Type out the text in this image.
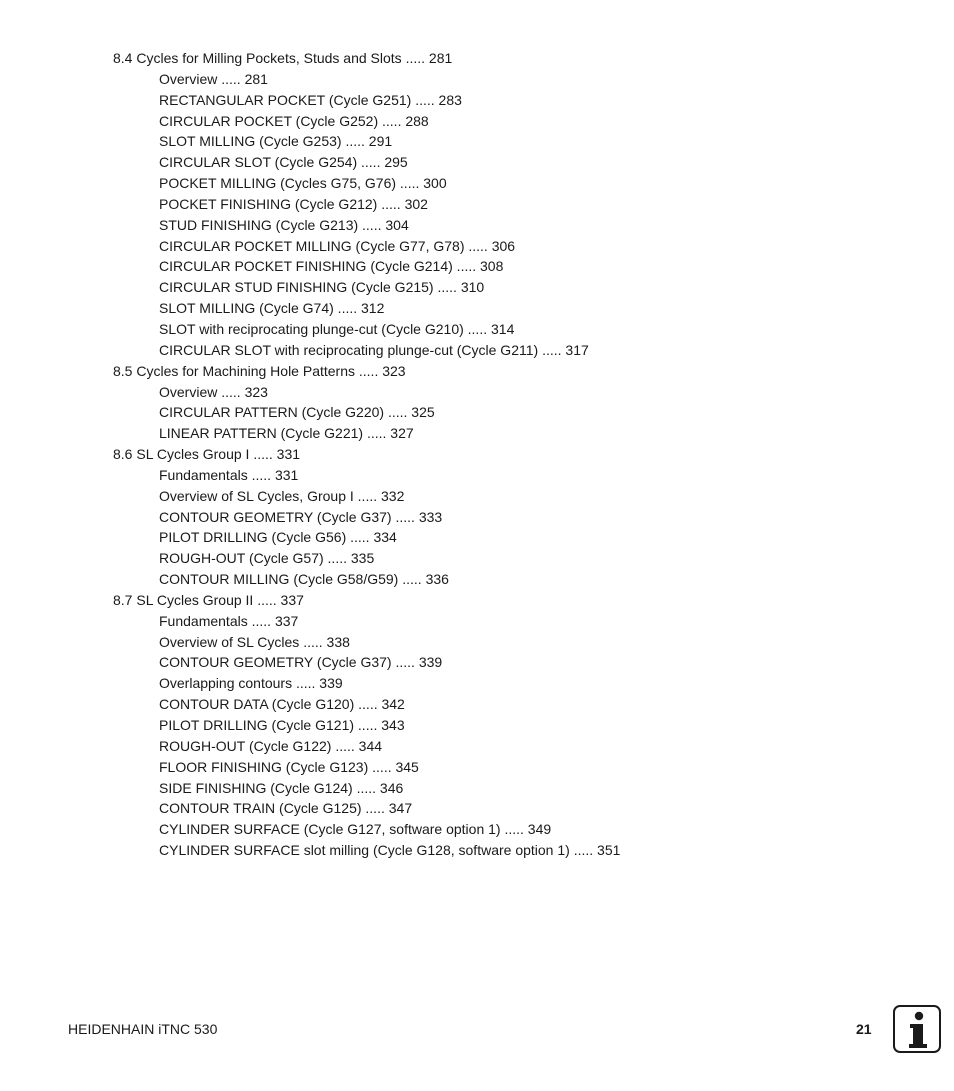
8.4 Cycles for Milling Pockets, Studs and Slots ..... 281
Overview ..... 281
RECTANGULAR POCKET (Cycle G251) ..... 283
CIRCULAR POCKET (Cycle G252) ..... 288
SLOT MILLING (Cycle G253) ..... 291
CIRCULAR SLOT (Cycle G254) ..... 295
POCKET MILLING (Cycles G75, G76) ..... 300
POCKET FINISHING (Cycle G212) ..... 302
STUD FINISHING (Cycle G213) ..... 304
CIRCULAR POCKET MILLING (Cycle G77, G78) ..... 306
CIRCULAR POCKET FINISHING (Cycle G214) ..... 308
CIRCULAR STUD FINISHING (Cycle G215) ..... 310
SLOT MILLING (Cycle G74) ..... 312
SLOT with reciprocating plunge-cut (Cycle G210) ..... 314
CIRCULAR SLOT with reciprocating plunge-cut (Cycle G211) ..... 317
8.5 Cycles for Machining Hole Patterns ..... 323
Overview ..... 323
CIRCULAR PATTERN (Cycle G220) ..... 325
LINEAR PATTERN (Cycle G221) ..... 327
8.6 SL Cycles Group I ..... 331
Fundamentals ..... 331
Overview of SL Cycles, Group I ..... 332
CONTOUR GEOMETRY (Cycle G37) ..... 333
PILOT DRILLING (Cycle G56) ..... 334
ROUGH-OUT (Cycle G57) ..... 335
CONTOUR MILLING (Cycle G58/G59) ..... 336
8.7 SL Cycles Group II ..... 337
Fundamentals ..... 337
Overview of SL Cycles ..... 338
CONTOUR GEOMETRY (Cycle G37) ..... 339
Overlapping contours ..... 339
CONTOUR DATA (Cycle G120) ..... 342
PILOT DRILLING (Cycle G121) ..... 343
ROUGH-OUT (Cycle G122) ..... 344
FLOOR FINISHING (Cycle G123) ..... 345
SIDE FINISHING (Cycle G124) ..... 346
CONTOUR TRAIN (Cycle G125) ..... 347
CYLINDER SURFACE (Cycle G127, software option 1) ..... 349
CYLINDER SURFACE slot milling (Cycle G128, software option 1) ..... 351
HEIDENHAIN iTNC 530	21
